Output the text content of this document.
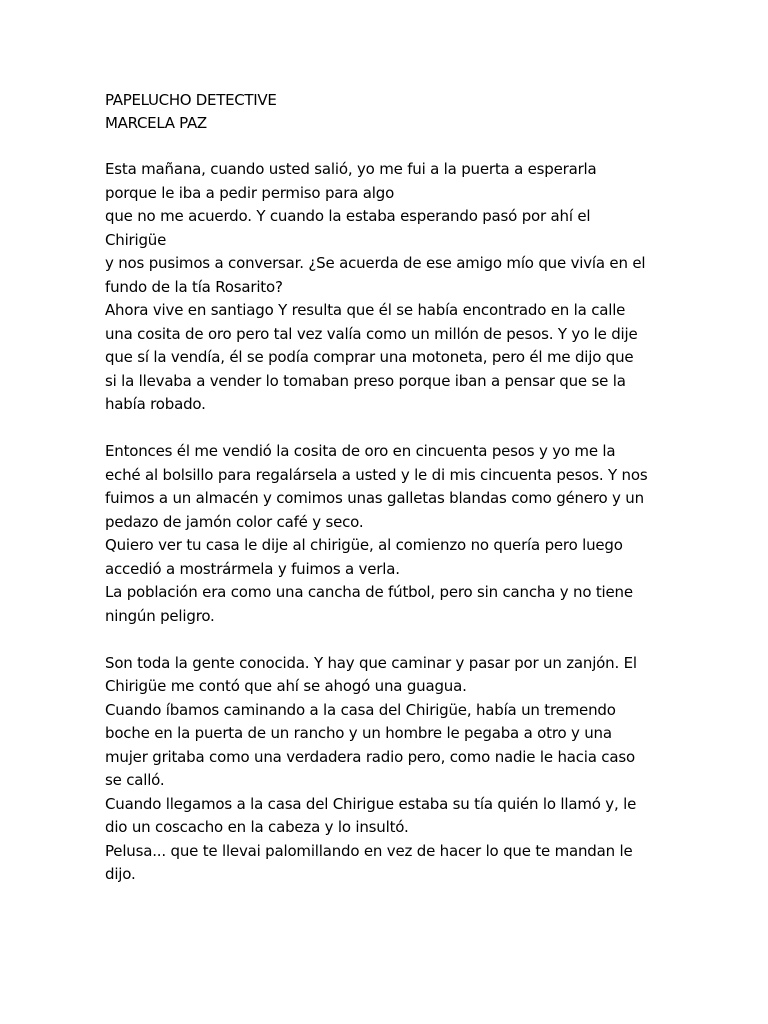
PAPELUCHO DETECTIVE

MARCELA PAZ

Esta mañana, cuando usted salió, yo me fui a la puerta a esperarla
porque le iba a pedir permiso para algo
que no me acuerdo. Y cuando la estaba esperando pasó por ahí el
Chirigüe
y nos pusimos a conversar. ¿Se acuerda de ese amigo mío que vivía en el
fundo de la tía Rosarito?
Ahora vive en santiago Y resulta que él se había encontrado en la calle
una cosita de oro pero tal vez valía como un millón de pesos. Y yo le dije
que sí la vendía, él se podía comprar una motoneta, pero él me dijo que
si la llevaba a vender lo tomaban preso porque iban a pensar que se la
había robado.

Entonces él me vendió la cosita de oro en cincuenta pesos y yo me la
eché al bolsillo para regalársela a usted y le di mis cincuenta pesos. Y nos
fuimos a un almacén y comimos unas galletas blandas como género y un
pedazo de jamón color café y seco.
Quiero ver tu casa le dije al chirigüe, al comienzo no quería pero luego
accedió a mostrármela y fuimos a verla.
La población era como una cancha de fútbol, pero sin cancha y no tiene
ningún peligro.

Son toda la gente conocida. Y hay que caminar y pasar por un zanjón. El
Chirigüe me contó que ahí se ahogó una guagua.
Cuando íbamos caminando a la casa del Chirigüe, había un tremendo
boche en la puerta de un rancho y un hombre le pegaba a otro y una
mujer gritaba como una verdadera radio pero, como nadie le hacia caso
se calló.
Cuando llegamos a la casa del Chirigue estaba su tía quién lo llamó y, le
dio un coscacho en la cabeza y lo insultó.
Pelusa... que te llevai palomillando en vez de hacer lo que te mandan le
dijo.
